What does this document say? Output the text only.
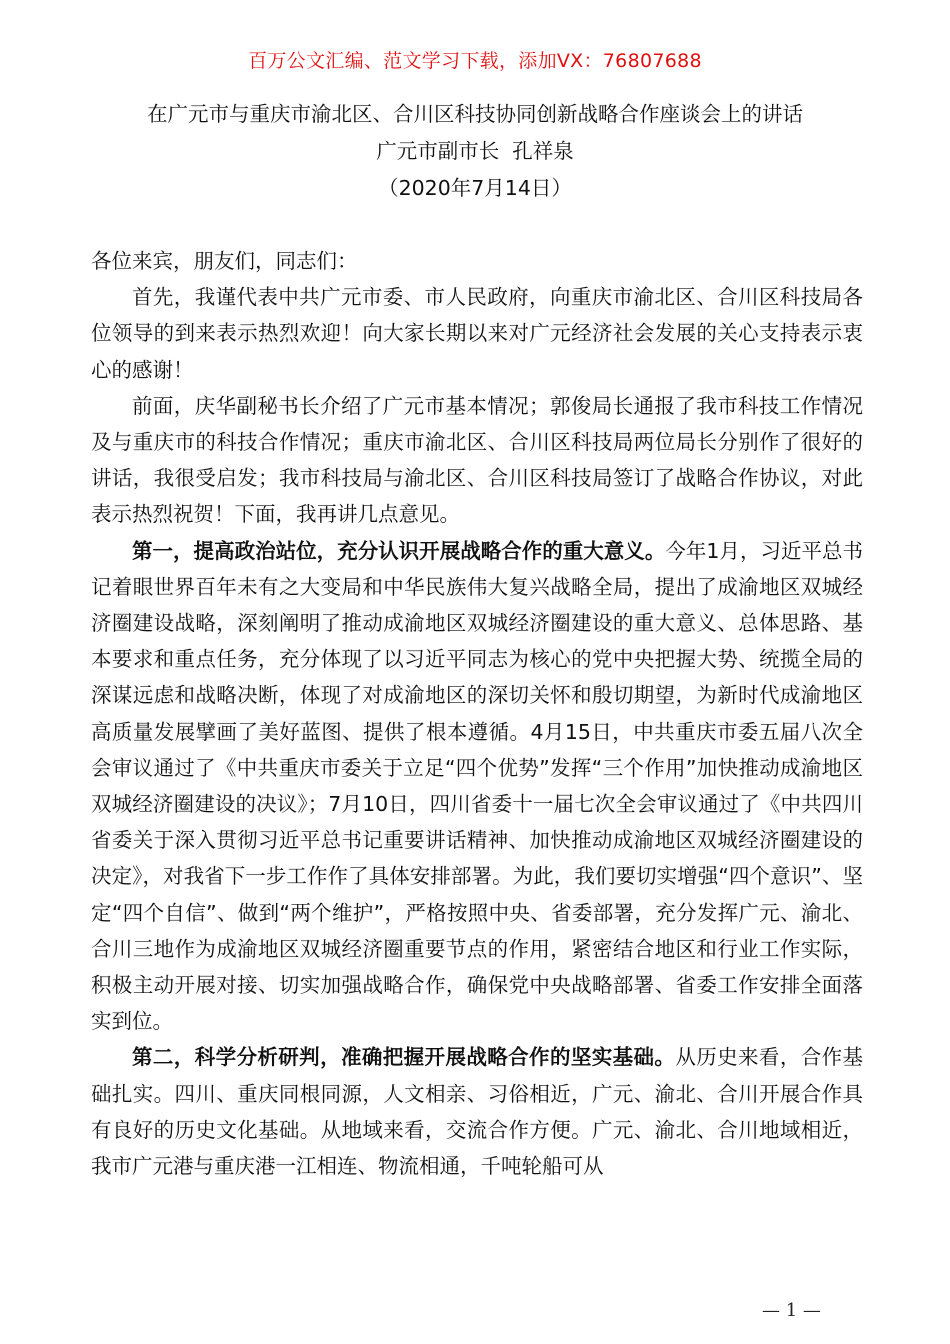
百万公文汇编、范文学习下载，添加VX：76807688
在广元市与重庆市渝北区、合川区科技协同创新战略合作座谈会上的讲话
广元市副市长  孔祥泉
（2020年7月14日）

各位来宾，朋友们，同志们：

首先，我谨代表中共广元市委、市人民政府，向重庆市渝北区、合川区科技局各位领导的到来表示热烈欢迎！向大家长期以来对广元经济社会发展的关心支持表示衷心的感谢！

前面，庆华副秘书长介绍了广元市基本情况；郭俊局长通报了我市科技工作情况及与重庆市的科技合作情况；重庆市渝北区、合川区科技局两位局长分别作了很好的讲话，我很受启发；我市科技局与渝北区、合川区科技局签订了战略合作协议，对此表示热烈祝贺！下面，我再讲几点意见。

第一，提高政治站位，充分认识开展战略合作的重大意义。今年1月，习近平总书记着眼世界百年未有之大变局和中华民族伟大复兴战略全局，提出了成渝地区双城经济圈建设战略，深刻阐明了推动成渝地区双城经济圈建设的重大意义、总体思路、基本要求和重点任务，充分体现了以习近平同志为核心的党中央把握大势、统揽全局的深谋远虑和战略决断，体现了对成渝地区的深切关怀和殷切期望，为新时代成渝地区高质量发展擘画了美好蓝图、提供了根本遵循。4月15日，中共重庆市委五届八次全会审议通过了《中共重庆市委关于立足“四个优势”发挥“三个作用”加快推动成渝地区双城经济圈建设的决议》；7月10日，四川省委十一届七次全会审议通过了《中共四川省委关于深入贯彻习近平总书记重要讲话精神、加快推动成渝地区双城经济圈建设的决定》，对我省下一步工作作了具体安排部署。为此，我们要切实增强“四个意识”、坚定“四个自信”、做到“两个维护”，严格按照中央、省委部署，充分发挥广元、渝北、合川三地作为成渝地区双城经济圈重要节点的作用，紧密结合地区和行业工作实际，积极主动开展对接、切实加强战略合作，确保党中央战略部署、省委工作安排全面落实到位。

第二，科学分析研判，准确把握开展战略合作的坚实基础。从历史来看，合作基础扎实。四川、重庆同根同源，人文相亲、习俗相近，广元、渝北、合川开展合作具有良好的历史文化基础。从地域来看，交流合作方便。广元、渝北、合川地域相近，我市广元港与重庆港一江相连、物流相通，千吨轮船可从

— 1 —
